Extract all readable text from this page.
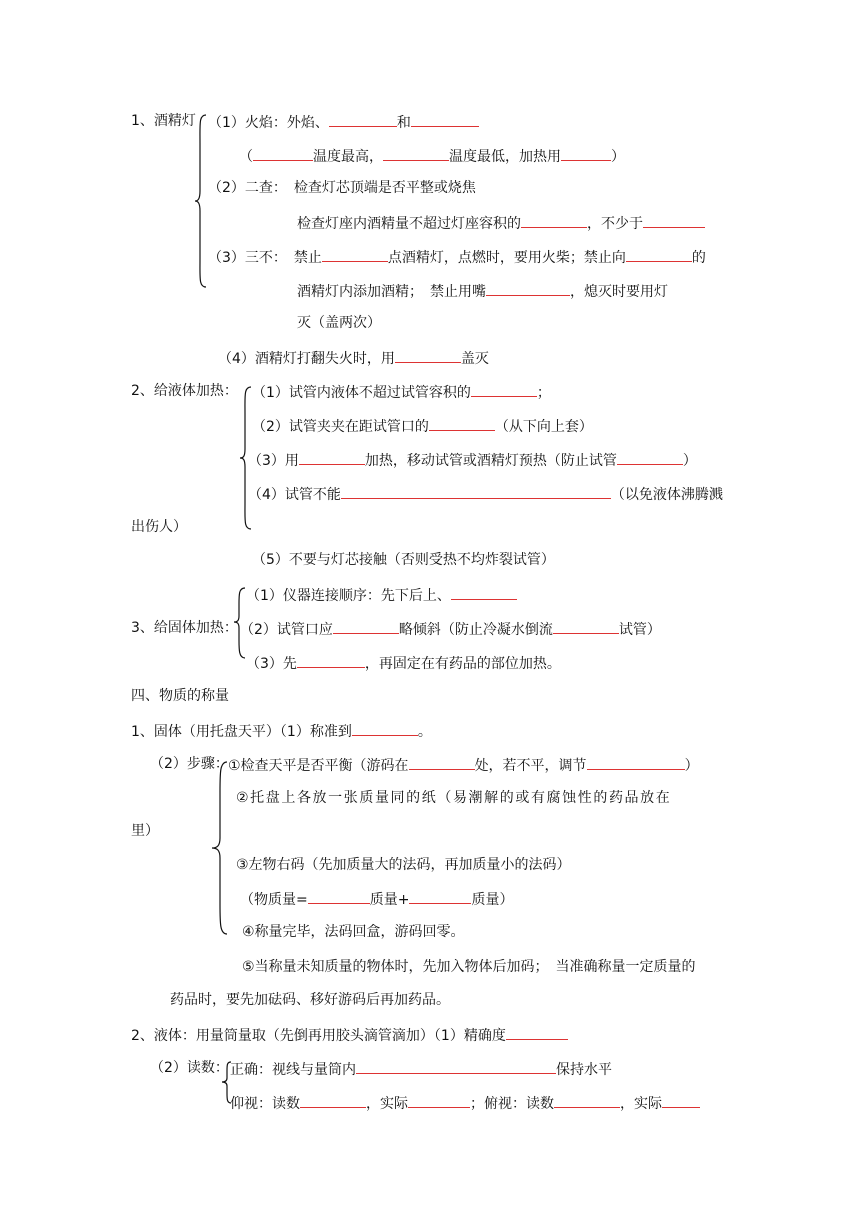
1、酒精灯 （1）火焰：外焰、	和
（	温度最高，	温度最低，加热用	）
（2）二查：　检查灯芯顶端是否平整或烧焦
检查灯座内酒精量不超过灯座容积的	，不少于
（3）三不：　禁止	点酒精灯，点燃时，要用火柴；禁止向	的
酒精灯内添加酒精；　禁止用嘴	，熄灭时要用灯
灭（盖两次）
（4）酒精灯打翻失火时，用	盖灭
2、给液体加热： （1）试管内液体不超过试管容积的	；
（2）试管夹夹在距试管口的	（从下向上套）
（3）用	加热，移动试管或酒精灯预热（防止试管	）
（4）试管不能	（以免液体沸腾溅
出伤人）
（5）不要与灯芯接触（否则受热不均炸裂试管）
（1）仪器连接顺序：先下后上、
3、给固体加热： （2）试管口应	略倾斜（防止冷凝水倒流	试管）
（3）先	，再固定在有药品的部位加热。
四、物质的称量
1、固体（用托盘天平）（1）称准到	。
（2）步骤： ①检查天平是否平衡（游码在	处，若不平，调节	）
②托盘上各放一张质量同的纸（易潮解的或有腐蚀性的药品放在
里）
③左物右码（先加质量大的法码，再加质量小的法码）
（物质量=	质量+	质量）
④称量完毕，法码回盒，游码回零。
⑤当称量未知质量的物体时，先加入物体后加码；　当准确称量一定质量的
药品时，要先加砝码、移好游码后再加药品。
2、液体：用量筒量取（先倒再用胶头滴管滴加）（1）精确度
（2）读数： 正确：视线与量筒内	保持水平
仰视：读数	，实际	；俯视：读数	，实际
